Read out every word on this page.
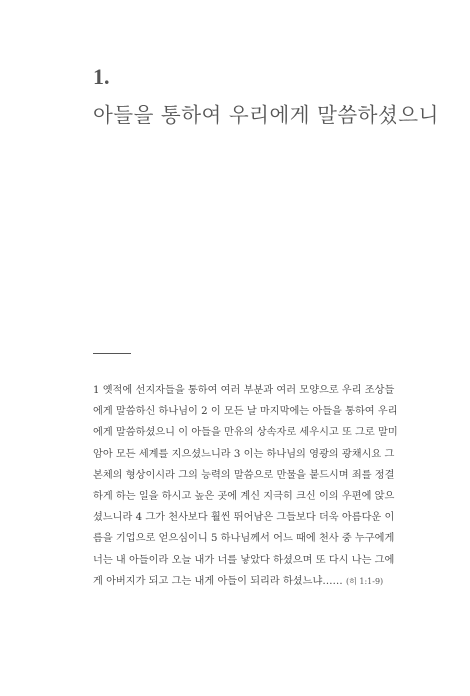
1.
아들을 통하여 우리에게 말씀하셨으니
1 옛적에 선지자들을 통하여 여러 부분과 여러 모양으로 우리 조상들
에게 말씀하신 하나님이 2 이 모든 날 마지막에는 아들을 통하여 우리
에게 말씀하셨으니 이 아들을 만유의 상속자로 세우시고 또 그로 말미
암아 모든 세계를 지으셨느니라 3 이는 하나님의 영광의 광채시요 그
본체의 형상이시라 그의 능력의 말씀으로 만물을 붙드시며 죄를 정결
하게 하는 일을 하시고 높은 곳에 계신 지극히 크신 이의 우편에 앉으
셨느니라 4 그가 천사보다 훨씬 뛰어남은 그들보다 더욱 아름다운 이
름을 기업으로 얻으심이니 5 하나님께서 어느 때에 천사 중 누구에게
너는 내 아들이라 오늘 내가 너를 낳았다 하셨으며 또 다시 나는 그에
게 아버지가 되고 그는 내게 아들이 되리라 하셨느냐…… (히 1:1-9)
